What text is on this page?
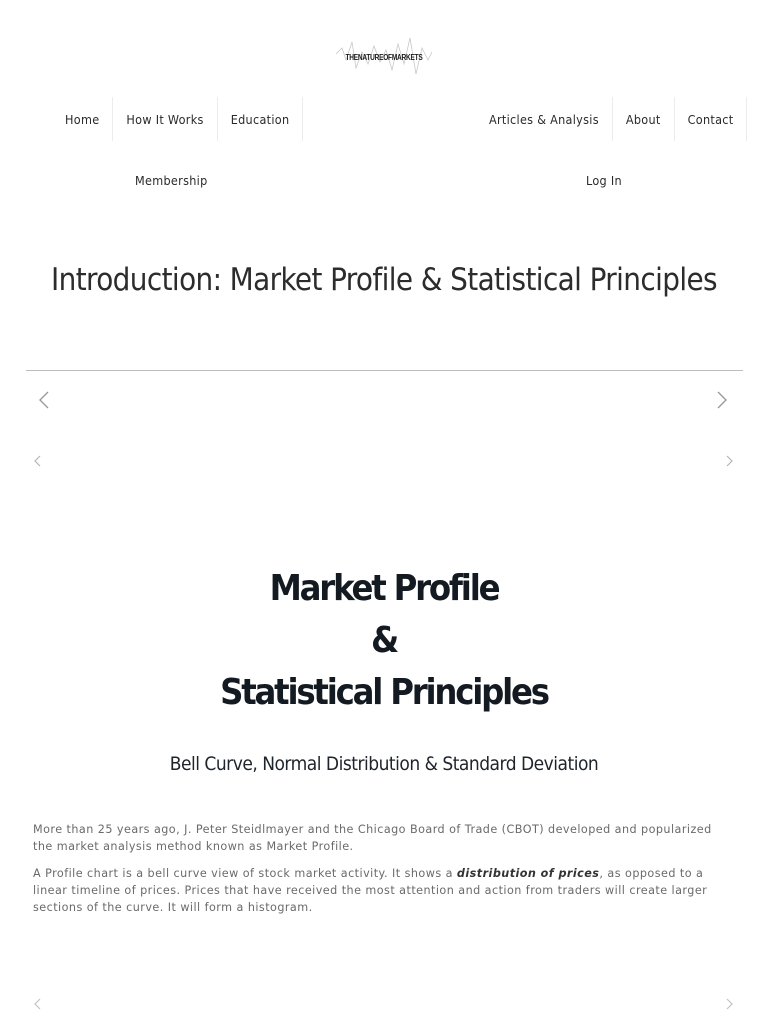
THENATUREOFMARKETS
Home	How It Works	Education	Articles & Analysis	About	Contact
Membership	Log In
Introduction: Market Profile & Statistical Principles
Market Profile
&
Statistical Principles
Bell Curve, Normal Distribution & Standard Deviation

More than 25 years ago, J. Peter Steidlmayer and the Chicago Board of Trade (CBOT) developed and popularized the market analysis method known as Market Profile.

A Profile chart is a bell curve view of stock market activity. It shows a distribution of prices, as opposed to a linear timeline of prices. Prices that have received the most attention and action from traders will create larger sections of the curve. It will form a histogram.
